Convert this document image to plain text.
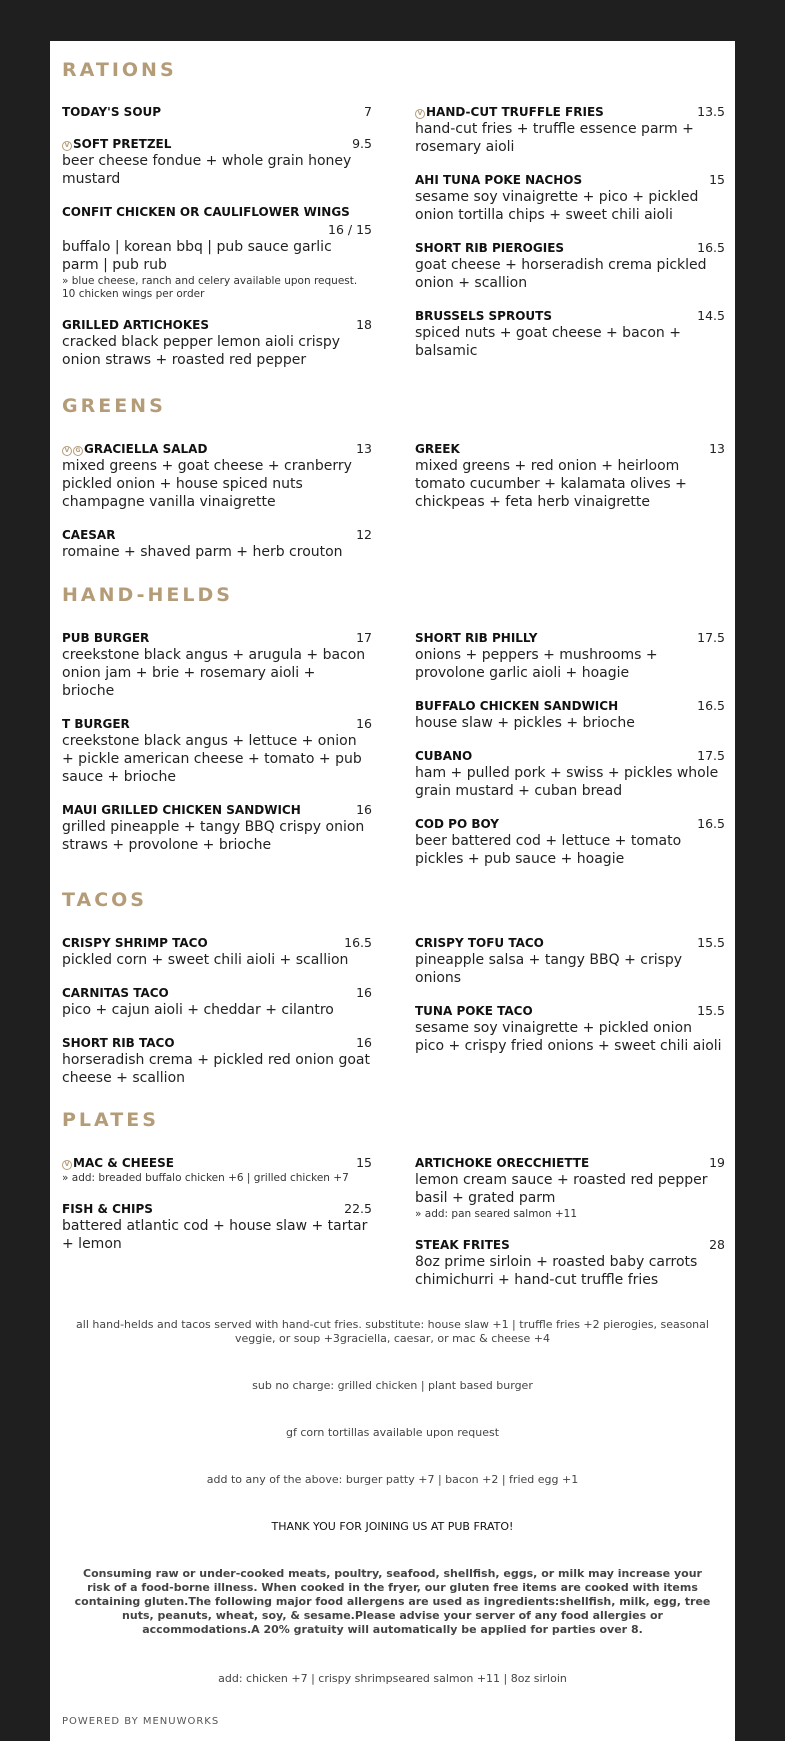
RATIONS
TODAY'S SOUP	7
V SOFT PRETZEL	9.5
beer cheese fondue + whole grain honey mustard
CONFIT CHICKEN OR CAULIFLOWER WINGS
16 / 15
buffalo | korean bbq | pub sauce garlic parm | pub rub
» blue cheese, ranch and celery available upon request. 10 chicken wings per order
GRILLED ARTICHOKES	18
cracked black pepper lemon aioli crispy onion straws + roasted red pepper
V HAND-CUT TRUFFLE FRIES	13.5
hand-cut fries + truffle essence parm + rosemary aioli
AHI TUNA POKE NACHOS	15
sesame soy vinaigrette + pico + pickled onion tortilla chips + sweet chili aioli
SHORT RIB PIEROGIES	16.5
goat cheese + horseradish crema pickled onion + scallion
BRUSSELS SPROUTS	14.5
spiced nuts + goat cheese + bacon + balsamic
GREENS
V G GRACIELLA SALAD	13
mixed greens + goat cheese + cranberry pickled onion + house spiced nuts champagne vanilla vinaigrette
CAESAR	12
romaine + shaved parm + herb crouton
GREEK	13
mixed greens + red onion + heirloom tomato cucumber + kalamata olives + chickpeas + feta herb vinaigrette
HAND-HELDS
PUB BURGER	17
creekstone black angus + arugula + bacon onion jam + brie + rosemary aioli + brioche
T BURGER	16
creekstone black angus + lettuce + onion + pickle american cheese + tomato + pub sauce + brioche
MAUI GRILLED CHICKEN SANDWICH	16
grilled pineapple + tangy BBQ crispy onion straws + provolone + brioche
SHORT RIB PHILLY	17.5
onions + peppers + mushrooms + provolone garlic aioli + hoagie
BUFFALO CHICKEN SANDWICH	16.5
house slaw + pickles + brioche
CUBANO	17.5
ham + pulled pork + swiss + pickles whole grain mustard + cuban bread
COD PO BOY	16.5
beer battered cod + lettuce + tomato pickles + pub sauce + hoagie
TACOS
CRISPY SHRIMP TACO	16.5
pickled corn + sweet chili aioli + scallion
CARNITAS TACO	16
pico + cajun aioli + cheddar + cilantro
SHORT RIB TACO	16
horseradish crema + pickled red onion goat cheese + scallion
CRISPY TOFU TACO	15.5
pineapple salsa + tangy BBQ + crispy onions
TUNA POKE TACO	15.5
sesame soy vinaigrette + pickled onion pico + crispy fried onions + sweet chili aioli
PLATES
V MAC & CHEESE	15
» add: breaded buffalo chicken +6 | grilled chicken +7
FISH & CHIPS	22.5
battered atlantic cod + house slaw + tartar + lemon
ARTICHOKE ORECCHIETTE	19
lemon cream sauce + roasted red pepper basil + grated parm
» add: pan seared salmon +11
STEAK FRITES	28
8oz prime sirloin + roasted baby carrots chimichurri + hand-cut truffle fries

all hand-helds and tacos served with hand-cut fries. substitute: house slaw +1 | truffle fries +2 pierogies, seasonal veggie, or soup +3graciella, caesar, or mac & cheese +4

sub no charge: grilled chicken | plant based burger

gf corn tortillas available upon request

add to any of the above: burger patty +7 | bacon +2 | fried egg +1

THANK YOU FOR JOINING US AT PUB FRATO!

Consuming raw or under-cooked meats, poultry, seafood, shellfish, eggs, or milk may increase your risk of a food-borne illness. When cooked in the fryer, our gluten free items are cooked with items containing gluten.The following major food allergens are used as ingredients:shellfish, milk, egg, tree nuts, peanuts, wheat, soy, & sesame.Please advise your server of any food allergies or accommodations.A 20% gratuity will automatically be applied for parties over 8.

add: chicken +7 | crispy shrimpseared salmon +11 | 8oz sirloin

POWERED BY MENUWORKS
